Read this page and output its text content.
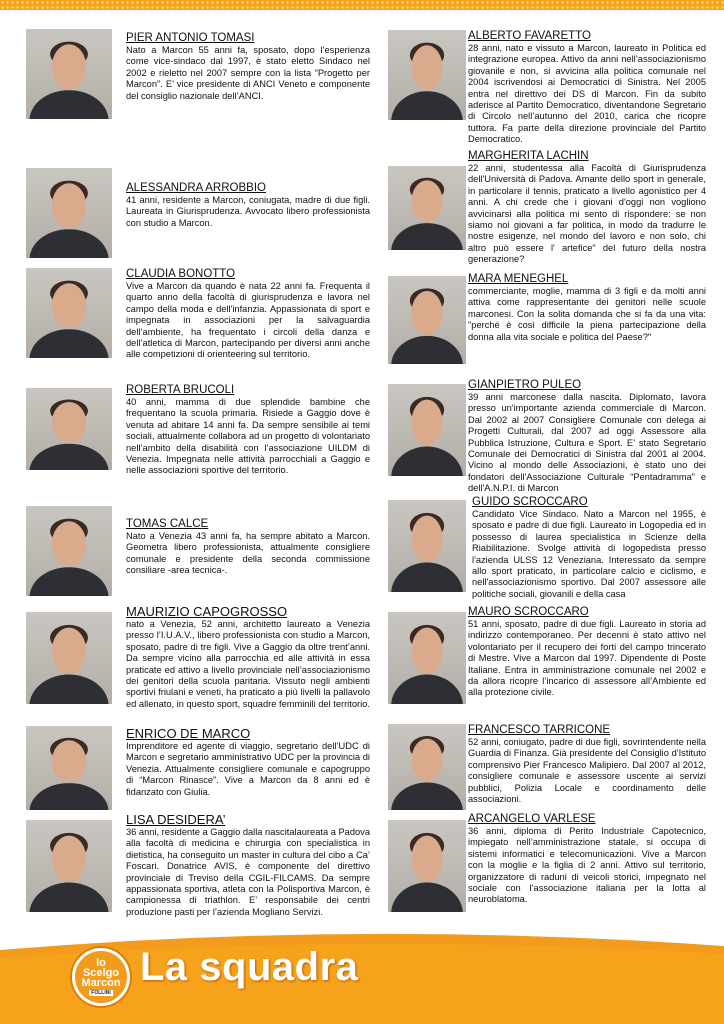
PIER ANTONIO TOMASI
Nato a Marcon 55 anni fa, sposato, dopo l’esperienza come vice-sindaco dal 1997, è stato eletto Sindaco nel 2002 e rieletto nel 2007 sempre con la lista “Progetto per Marcon”. E’ vice presidente di ANCI Veneto e componente del consiglio nazionale dell’ANCI.
ALESSANDRA ARROBBIO
41 anni, residente a Marcon, coniugata, madre di due figli. Laureata in Giurisprudenza. Avvocato libero professionista con studio a Marcon.
CLAUDIA BONOTTO
Vive a Marcon da quando è nata 22 anni fa. Frequenta il quarto anno della facoltà di giurisprudenza e lavora nel campo della moda e dell'infanzia. Appassionata di sport e impegnata in associazioni per la salvaguardia dell’ambiente, ha frequentato i circoli della danza e dell’atletica di Marcon, partecipando per diversi anni anche alle competizioni di orienteering sul territorio.
ROBERTA BRUCOLI
40 anni, mamma di due splendide bambine che frequentano la scuola primaria. Risiede a Gaggio dove è venuta ad abitare 14 anni fa. Da sempre sensibile ai temi sociali, attualmente collabora ad un progetto di volontariato nell’ambito della disabilità con l’associazione UILDM di Venezia. Impegnata nelle attività parrocchiali a Gaggio e nelle associazioni sportive del territorio.
TOMAS CALCE
Nato a Venezia 43 anni fa, ha sempre abitato a Marcon. Geometra libero professionista, attualmente consigliere comunale e presidente della seconda commissione consiliare -area tecnica-.
MAURIZIO CAPOGROSSO
nato a Venezia, 52 anni, architetto laureato a Venezia presso l’I.U.A.V., libero professionista con studio a Marcon, sposato, padre di tre figli. Vive a Gaggio da oltre trent’anni. Da sempre vicino alla parrocchia ed alle attività in essa praticate ed attivo a livello provinciale nell’associazionismo dei genitori della scuola paritaria. Vissuto negli ambienti sportivi friulani e veneti, ha praticato a più livelli la pallavolo ed allenato, in questo sport, squadre femminili del territorio.
ENRICO DE MARCO
Imprenditore ed agente di viaggio, segretario dell’UDC di Marcon e segretario amministrativo UDC per la provincia di Venezia. Attualmente consigliere comunale e capogruppo di “Marcon Rinasce”. Vive a Marcon da 8 anni ed è fidanzato con Giulia.
LISA DESIDERA’
36 anni, residente a Gaggio dalla nascitalaureata a Padova alla facoltà di medicina e chirurgia con specialistica in dietistica, ha conseguito un master in cultura del cibo a Ca’ Foscari. Donatrice AVIS, è componente del direttivo provinciale di Treviso della CGIL-FILCAMS. Da sempre appassionata sportiva, atleta con la Polisportiva Marcon, è campionessa di triathlon. E’ responsabile dei centri produzione pasti per l’azienda Mogliano Servizi.
ALBERTO FAVARETTO
28 anni, nato e vissuto a Marcon, laureato in Politica ed integrazione europea. Attivo da anni nell’associazionismo giovanile e non, si avvicina alla politica comunale nel 2004 iscrivendosi ai Democratici di Sinistra. Nel 2005 entra nel direttivo dei DS di Marcon. Fin da subito aderisce al Partito Democratico, diventandone Segretario di Circolo nell’autunno del 2010, carica che ricopre tuttora. Fa parte della direzione provinciale del Partito Democratico.
MARGHERITA LACHIN
22 anni, studentessa alla Facoltà di Giurisprudenza dell'Università di Padova. Amante dello sport in generale, in particolare il tennis, praticato a livello agonistico per 4 anni. A chi crede che i giovani d'oggi non vogliono avvicinarsi alla politica mi sento di rispondere: se non siamo noi giovani a far politica, in modo da tradurre le nostre esigenze, nel mondo del lavoro e non solo, chi altro può essere l' artefice" del futuro della nostra generazione?
MARA MENEGHEL
commerciante, moglie, mamma di 3 figli e da molti anni attiva come rappresentante dei genitori nelle scuole marconesi. Con la solita domanda che si fa da una vita: "perché è così difficile la piena partecipazione della donna alla vita sociale e politica del Paese?"
GIANPIETRO PULEO
39 anni marconese dalla nascita. Diplomato, lavora presso un'importante azienda commerciale di Marcon. Dal 2002 al 2007 Consigliere Comunale con delega ai Progetti Culturali, dal 2007 ad oggi Assessore alla Pubblica Istruzione, Cultura e Sport. E’ stato Segretario Comunale dei Democratici di Sinistra dal 2001 al 2004. Vicino al mondo delle Associazioni, è stato uno dei fondatori dell'Associazione Culturale “Pentadramma” e dell'A.N.P.I. di Marcon
GUIDO SCROCCARO
Candidato Vice Sindaco. Nato a Marcon nel 1955, è sposato e padre di due figli. Laureato in Logopedia ed in possesso di laurea specialistica in Scienze della Riabilitazione. Svolge attività di logopedista presso l'azienda ULSS 12 Veneziana. Interessato da sempre allo sport praticato, in particolare calcio e ciclismo, e nell'associazionismo sportivo. Dal 2007 assessore alle politiche sociali, giovanili e della casa
MAURO SCROCCARO
51 anni, sposato, padre di due figli. Laureato in storia ad indirizzo contemporaneo. Per decenni è stato attivo nel volontariato per il recupero dei forti del campo trincerato di Mestre. Vive a Marcon dal 1997. Dipendente di Poste Italiane. Entra in amministrazione comunale nel 2002 e da allora ricopre l’incarico di assessore all’Ambiente ed alla protezione civile.
FRANCESCO TARRICONE
52 anni, coniugato, padre di due figli, sovrintendente nella Guardia di Finanza. Già presidente del Consiglio d'Istituto comprensivo Pier Francesco Malipiero. Dal 2007 al 2012, consigliere comunale e assessore uscente ai servizi pubblici, Polizia Locale e coordinamento delle associazioni.
ARCANGELO VARLESE
36 anni, diploma di Perito Industriale Capotecnico, impiegato nell’amministrazione statale, si occupa di sistemi informatici e telecomunicazioni. Vive a Marcon con la moglie e la figlia di 2 anni. Attivo sul territorio, organizzatore di raduni di veicoli storici, impegnato nel sociale con l’associazione italiana per la lotta al neuroblatoma.
Io
Scelgo
Marcon
FOLLINI
La squadra
